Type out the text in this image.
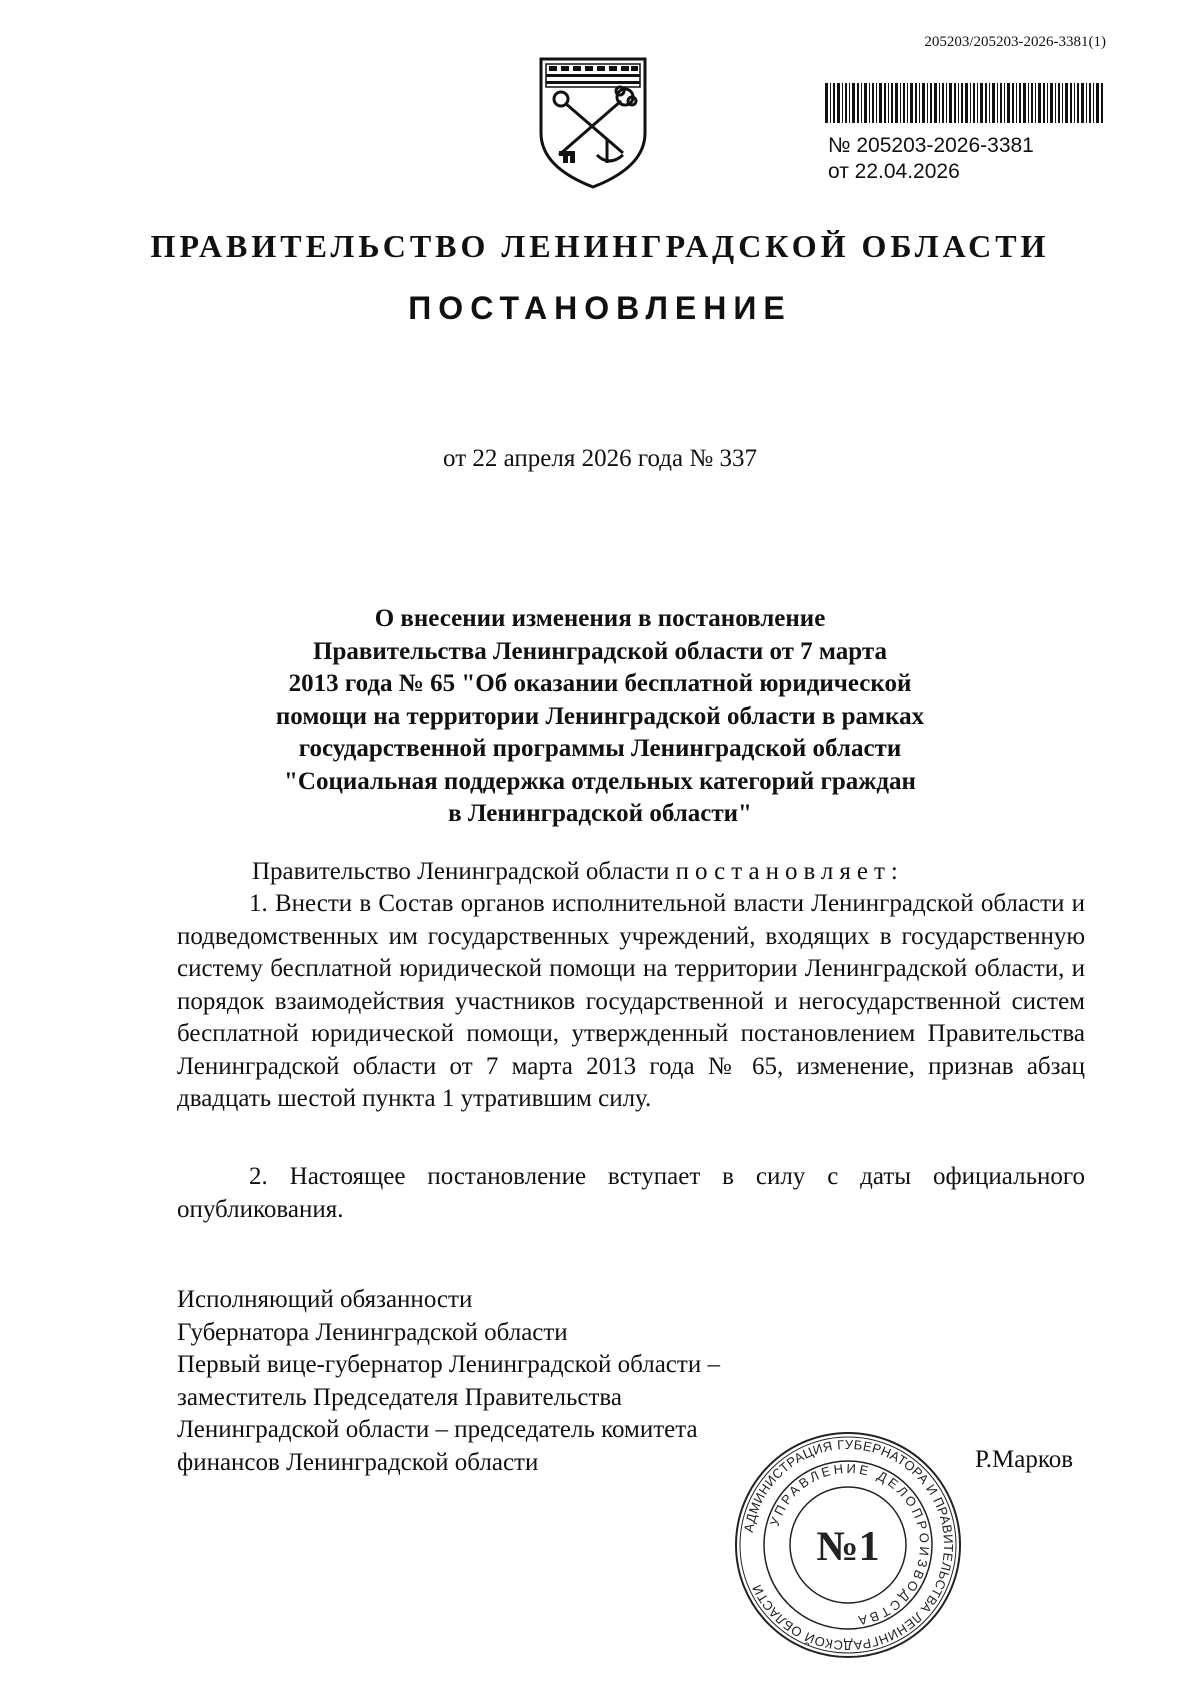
205203/205203-2026-3381(1)
№ 205203-2026-3381
от 22.04.2026
ПРАВИТЕЛЬСТВО ЛЕНИНГРАДСКОЙ ОБЛАСТИ
ПОСТАНОВЛЕНИЕ
от 22 апреля 2026 года № 337
О внесении изменения в постановление
Правительства Ленинградской области от 7 марта
2013 года № 65 "Об оказании бесплатной юридической
помощи на территории Ленинградской области в рамках
государственной программы Ленинградской области
"Социальная поддержка отдельных категорий граждан
в Ленинградской области"
Правительство Ленинградской области постановляет:
1. Внести в Состав органов исполнительной власти Ленинградской области и подведомственных им государственных учреждений, входящих в государственную систему бесплатной юридической помощи на территории Ленинградской области, и порядок взаимодействия участников государственной и негосударственной систем бесплатной юридической помощи, утвержденный постановлением Правительства Ленинградской области от 7 марта 2013 года № 65, изменение, признав абзац двадцать шестой пункта 1 утратившим силу.
2. Настоящее постановление вступает в силу с даты официального опубликования.
Исполняющий обязанности
Губернатора Ленинградской области
Первый вице-губернатор Ленинградской области –
заместитель Председателя Правительства
Ленинградской области – председатель комитета
финансов Ленинградской области
АДМИНИСТРАЦИЯ ГУБЕРНАТОРА И ПРАВИТЕЛЬСТВА ЛЕНИНГРАДСКОЙ ОБЛАСТИ
УПРАВЛЕНИЕ ДЕЛОПРОИЗВОДСТВА
№1
Р.Марков
